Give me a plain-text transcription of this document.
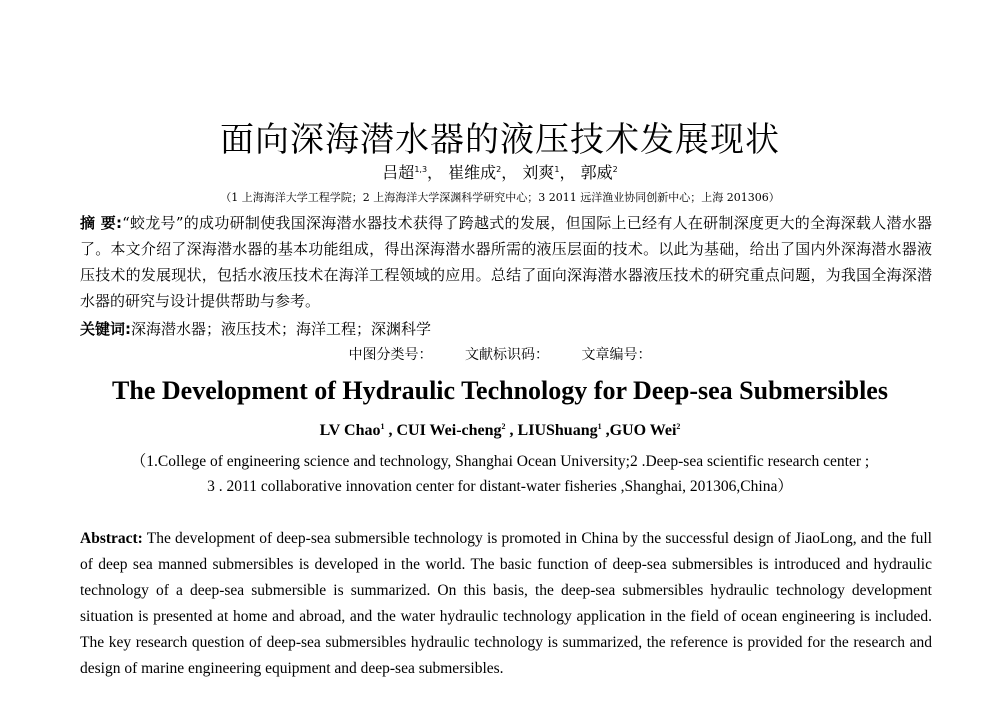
面向深海潜水器的液压技术发展现状
吕超$^{1,3}$， 崔维成$^2$， 刘爽$^1$， 郭威$^2$
（1 上海海洋大学工程学院；2 上海海洋大学深渊科学研究中心；3 2011 远洋渔业协同创新中心；上海 201306）
摘 要:“蛟龙号”的成功研制使我国深海潜水器技术获得了跨越式的发展，但国际上已经有人在研制深度更大的全海深载人潜水器了。本文介绍了深海潜水器的基本功能组成，得出深海潜水器所需的液压层面的技术。以此为基础，给出了国内外深海潜水器液压技术的发展现状，包括水液压技术在海洋工程领域的应用。总结了面向深海潜水器液压技术的研究重点问题，为我国全海深潜水器的研究与设计提供帮助与参考。
关键词:深海潜水器；液压技术；海洋工程；深渊科学
中图分类号： 文献标识码： 文章编号：
The Development of Hydraulic Technology for Deep-sea Submersibles
LV Chao$^1$ , CUI Wei-cheng$^2$ , LIUShuang$^1$ ,GUO Wei$^2$
（1.College of engineering science and technology, Shanghai Ocean University;2 .Deep-sea scientific research center ;
3 . 2011 collaborative innovation center for distant-water fisheries ,Shanghai, 201306,China）
Abstract: The development of deep-sea submersible technology is promoted in China by the successful design of JiaoLong, and the full of deep sea manned submersibles is developed in the world. The basic function of deep-sea submersibles is introduced and hydraulic technology of a deep-sea submersible is summarized. On this basis, the deep-sea submersibles hydraulic technology development situation is presented at home and abroad, and the water hydraulic technology application in the field of ocean engineering is included. The key research question of deep-sea submersibles hydraulic technology is summarized, the reference is provided for the research and design of marine engineering equipment and deep-sea submersibles.
